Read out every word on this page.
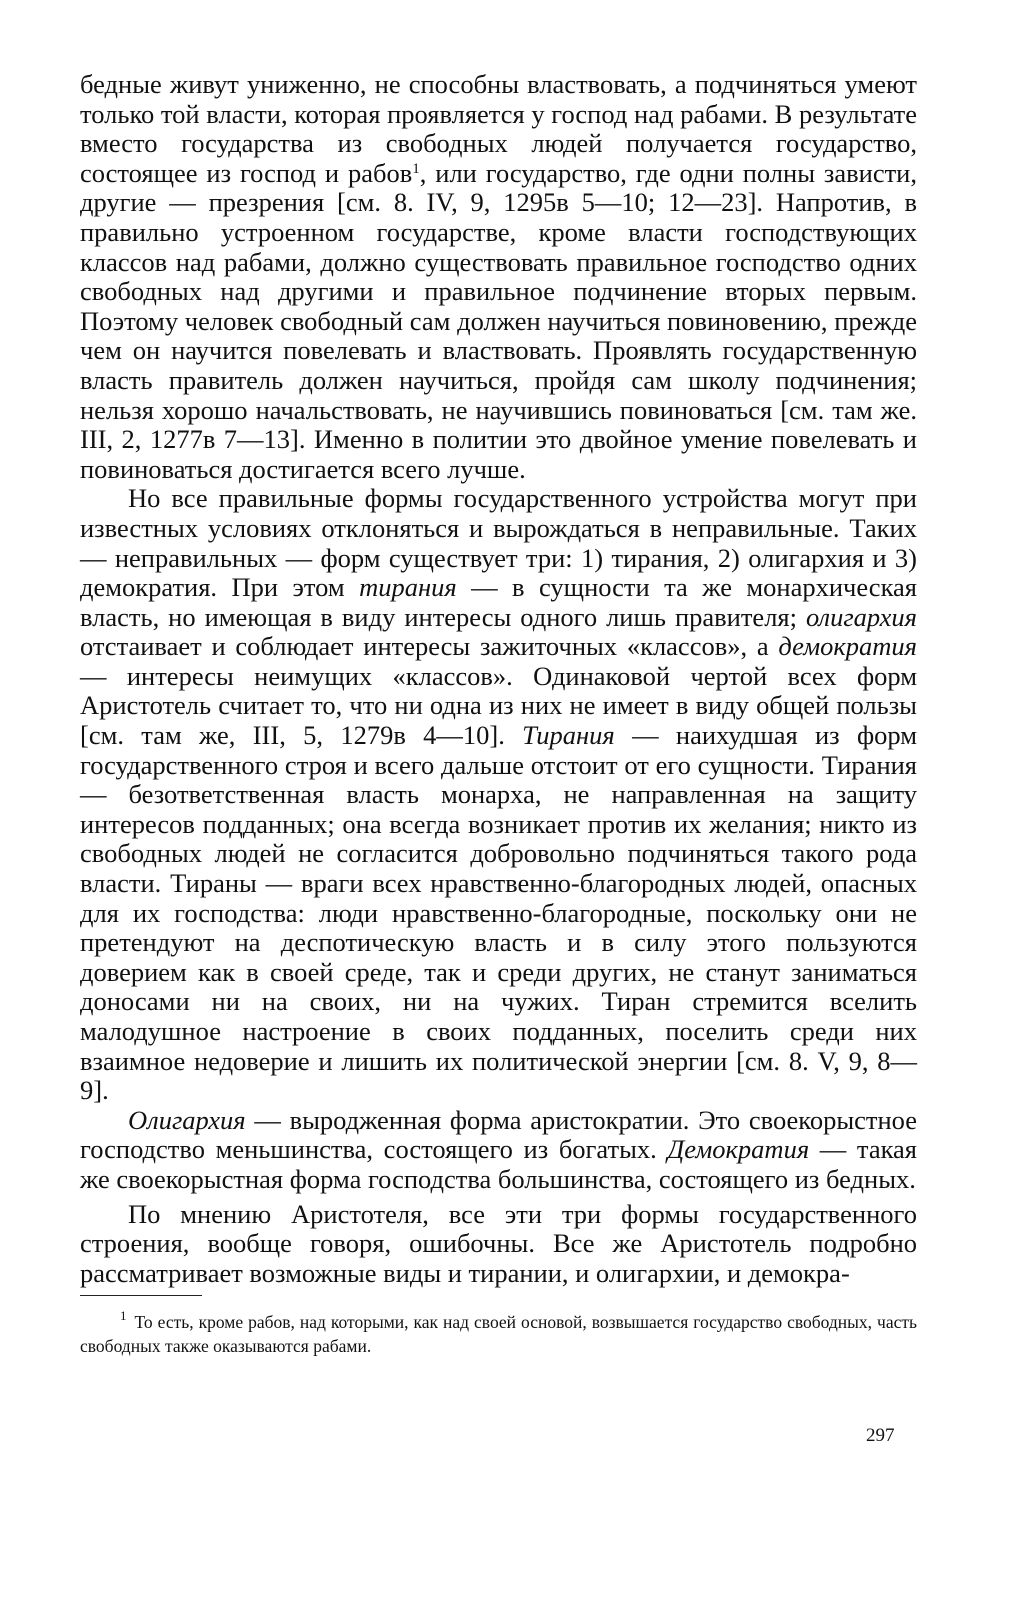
бедные живут униженно, не способны властвовать, а подчиняться умеют только той власти, которая проявляется у господ над рабами. В результате вместо государства из свободных людей получается государство, состоящее из господ и рабов$^1$, или государство, где одни полны зависти, другие — презрения [см. 8. IV, 9, 1295в 5—10; 12—23]. Напротив, в правильно устроенном государстве, кроме власти господствующих классов над рабами, должно существовать правильное господство одних свободных над другими и правильное подчинение вторых первым. Поэтому человек свободный сам должен научиться повиновению, прежде чем он научится повелевать и властвовать. Проявлять государственную власть правитель должен научиться, пройдя сам школу подчинения; нельзя хорошо начальствовать, не научившись повиноваться [см. там же. III, 2, 1277в 7—13]. Именно в политии это двойное умение повелевать и повиноваться достигается всего лучше.

Но все правильные формы государственного устройства могут при известных условиях отклоняться и вырождаться в неправильные. Таких — неправильных — форм существует три: 1) тирания, 2) олигархия и 3) демократия. При этом тирания — в сущности та же монархическая власть, но имеющая в виду интересы одного лишь правителя; олигархия отстаивает и соблюдает интересы зажиточных «классов», а демократия — интересы неимущих «классов». Одинаковой чертой всех форм Аристотель считает то, что ни одна из них не имеет в виду общей пользы [см. там же, III, 5, 1279в 4—10]. Тирания — наихудшая из форм государственного строя и всего дальше отстоит от его сущности. Тирания — безответственная власть монарха, не направленная на защиту интересов подданных; она всегда возникает против их желания; никто из свободных людей не согласится добровольно подчиняться такого рода власти. Тираны — враги всех нравственно-благородных людей, опасных для их господства: люди нравственно-благородные, поскольку они не претендуют на деспотическую власть и в силу этого пользуются доверием как в своей среде, так и среди других, не станут заниматься доносами ни на своих, ни на чужих. Тиран стремится вселить малодушное настроение в своих подданных, поселить среди них взаимное недоверие и лишить их политической энергии [см. 8. V, 9, 8—9].

Олигархия — выродженная форма аристократии. Это своекорыстное господство меньшинства, состоящего из богатых. Демократия — такая же своекорыстная форма господства большинства, состоящего из бедных.

По мнению Аристотеля, все эти три формы государственного строения, вообще говоря, ошибочны. Все же Аристотель подробно рассматривает возможные виды и тирании, и олигархии, и демокра-

$^1$ То есть, кроме рабов, над которыми, как над своей основой, возвышается государство свободных, часть свободных также оказываются рабами.
297
